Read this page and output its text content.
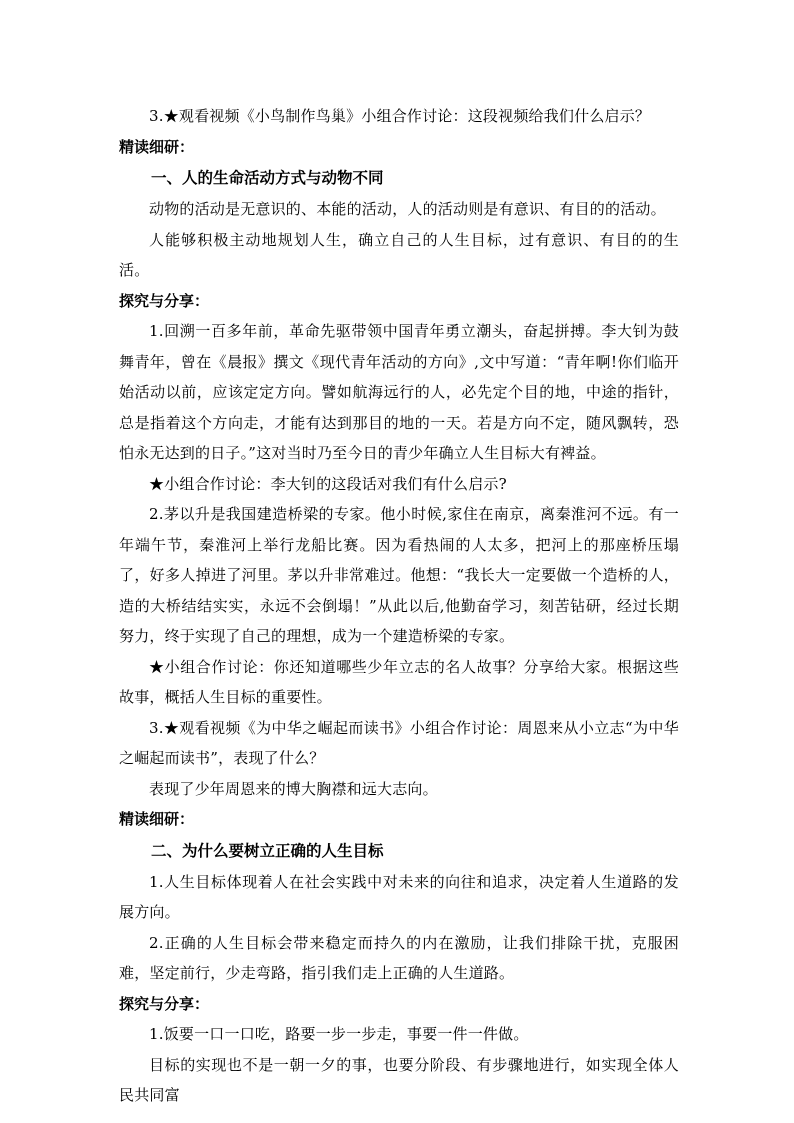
3.★观看视频《小鸟制作鸟巢》小组合作讨论：这段视频给我们什么启示？

精读细研：

一、人的生命活动方式与动物不同

动物的活动是无意识的、本能的活动，人的活动则是有意识、有目的的活动。

人能够积极主动地规划人生，确立自己的人生目标，过有意识、有目的的生活。

探究与分享：

1.回溯一百多年前，革命先驱带领中国青年勇立潮头，奋起拼搏。李大钊为鼓舞青年，曾在《晨报》撰文《现代青年活动的方向》,文中写道：“青年啊!你们临开始活动以前，应该定定方向。譬如航海远行的人，必先定个目的地，中途的指针，总是指着这个方向走，才能有达到那目的地的一天。若是方向不定，随风飘转，恐怕永无达到的日子。”这对当时乃至今日的青少年确立人生目标大有裨益。

★小组合作讨论：李大钊的这段话对我们有什么启示?

2.茅以升是我国建造桥梁的专家。他小时候,家住在南京，离秦淮河不远。有一年端午节，秦淮河上举行龙船比赛。因为看热闹的人太多，把河上的那座桥压塌了，好多人掉进了河里。茅以升非常难过。他想：“我长大一定要做一个造桥的人，造的大桥结结实实，永远不会倒塌！”从此以后,他勤奋学习，刻苦钻研，经过长期努力，终于实现了自己的理想，成为一个建造桥梁的专家。

★小组合作讨论：你还知道哪些少年立志的名人故事？分享给大家。根据这些故事，概括人生目标的重要性。

3.★观看视频《为中华之崛起而读书》小组合作讨论：周恩来从小立志“为中华之崛起而读书”，表现了什么？

表现了少年周恩来的博大胸襟和远大志向。

精读细研：

二、为什么要树立正确的人生目标

1.人生目标体现着人在社会实践中对未来的向往和追求，决定着人生道路的发展方向。

2.正确的人生目标会带来稳定而持久的内在激励，让我们排除干扰，克服困难，坚定前行，少走弯路，指引我们走上正确的人生道路。

探究与分享：

1.饭要一口一口吃，路要一步一步走，事要一件一件做。

目标的实现也不是一朝一夕的事，也要分阶段、有步骤地进行，如实现全体人民共同富
